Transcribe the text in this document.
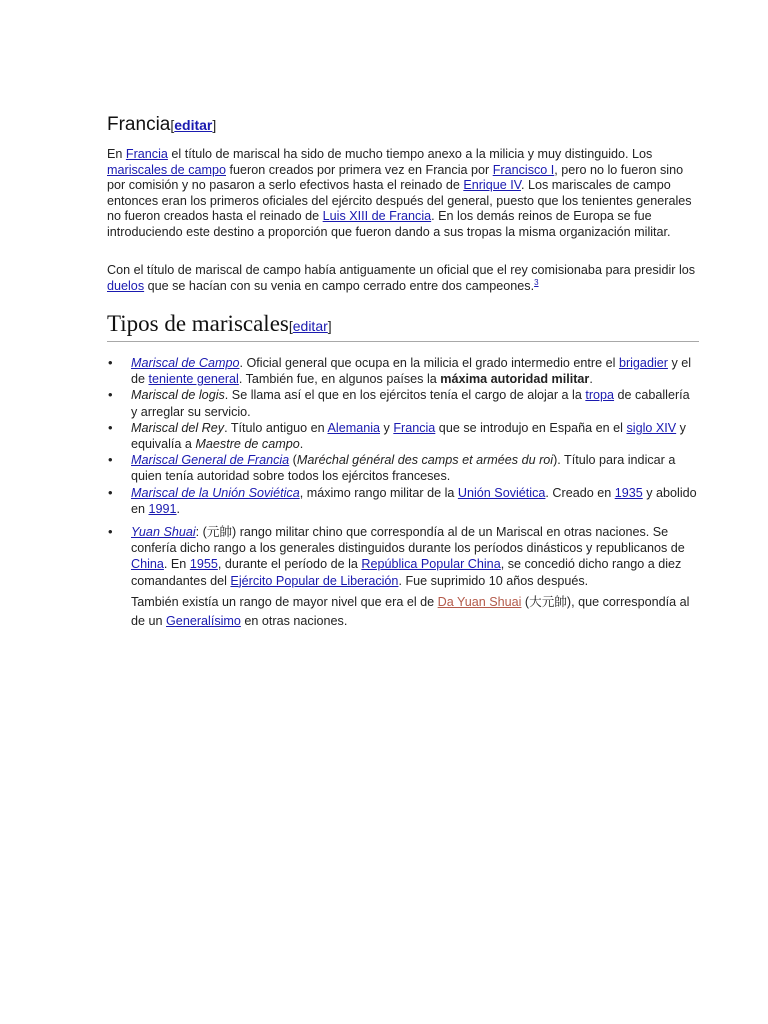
Francia[editar]
En Francia el título de mariscal ha sido de mucho tiempo anexo a la milicia y muy distinguido. Los mariscales de campo fueron creados por primera vez en Francia por Francisco I, pero no lo fueron sino por comisión y no pasaron a serlo efectivos hasta el reinado de Enrique IV. Los mariscales de campo entonces eran los primeros oficiales del ejército después del general, puesto que los tenientes generales no fueron creados hasta el reinado de Luis XIII de Francia. En los demás reinos de Europa se fue introduciendo este destino a proporción que fueron dando a sus tropas la misma organización militar.
Con el título de mariscal de campo había antiguamente un oficial que el rey comisionaba para presidir los duelos que se hacían con su venia en campo cerrado entre dos campeones.$^3$
Tipos de mariscales[editar]
• Mariscal de Campo. Oficial general que ocupa en la milicia el grado intermedio entre el brigadier y el de teniente general. También fue, en algunos países la máxima autoridad militar.
• Mariscal de logis. Se llama así el que en los ejércitos tenía el cargo de alojar a la tropa de caballería y arreglar su servicio.
• Mariscal del Rey. Título antiguo en Alemania y Francia que se introdujo en España en el siglo XIV y equivalía a Maestre de campo.
• Mariscal General de Francia (Maréchal général des camps et armées du roi). Título para indicar a quien tenía autoridad sobre todos los ejércitos franceses.
• Mariscal de la Unión Soviética, máximo rango militar de la Unión Soviética. Creado en 1935 y abolido en 1991.
• Yuan Shuai: (元帥) rango militar chino que correspondía al de un Mariscal en otras naciones. Se confería dicho rango a los generales distinguidos durante los períodos dinásticos y republicanos de China. En 1955, durante el período de la República Popular China, se concedió dicho rango a diez comandantes del Ejército Popular de Liberación. Fue suprimido 10 años después.
También existía un rango de mayor nivel que era el de Da Yuan Shuai (大元帥), que correspondía al de un Generalísimo en otras naciones.
